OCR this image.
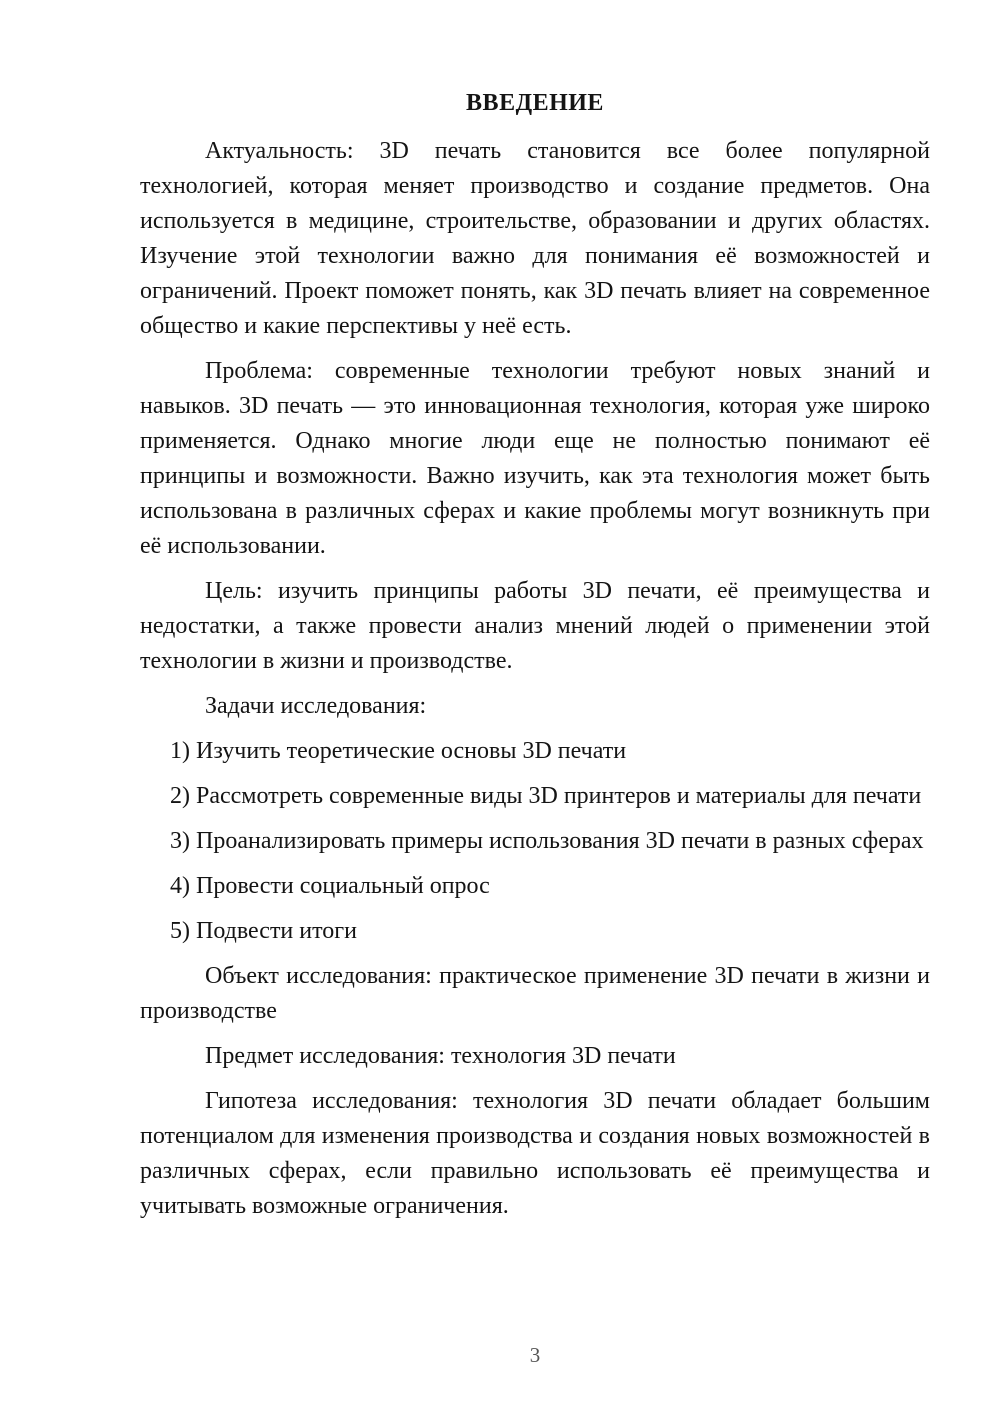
ВВЕДЕНИЕ

Актуальность: 3D печать становится все более популярной технологией, которая меняет производство и создание предметов. Она используется в медицине, строительстве, образовании и других областях. Изучение этой технологии важно для понимания её возможностей и ограничений. Проект поможет понять, как 3D печать влияет на современное общество и какие перспективы у неё есть.

Проблема: современные технологии требуют новых знаний и навыков. 3D печать — это инновационная технология, которая уже широко применяется. Однако многие люди еще не полностью понимают её принципы и возможности. Важно изучить, как эта технология может быть использована в различных сферах и какие проблемы могут возникнуть при её использовании.

Цель: изучить принципы работы 3D печати, её преимущества и недостатки, а также провести анализ мнений людей о применении этой технологии в жизни и производстве.

Задачи исследования:

1) Изучить теоретические основы 3D печати

2) Рассмотреть современные виды 3D принтеров и материалы для печати

3) Проанализировать примеры использования 3D печати в разных сферах

4) Провести социальный опрос

5) Подвести итоги

Объект исследования: практическое применение 3D печати в жизни и производстве

Предмет исследования: технология 3D печати

Гипотеза исследования: технология 3D печати обладает большим потенциалом для изменения производства и создания новых возможностей в различных сферах, если правильно использовать её преимущества и учитывать возможные ограничения.

3
